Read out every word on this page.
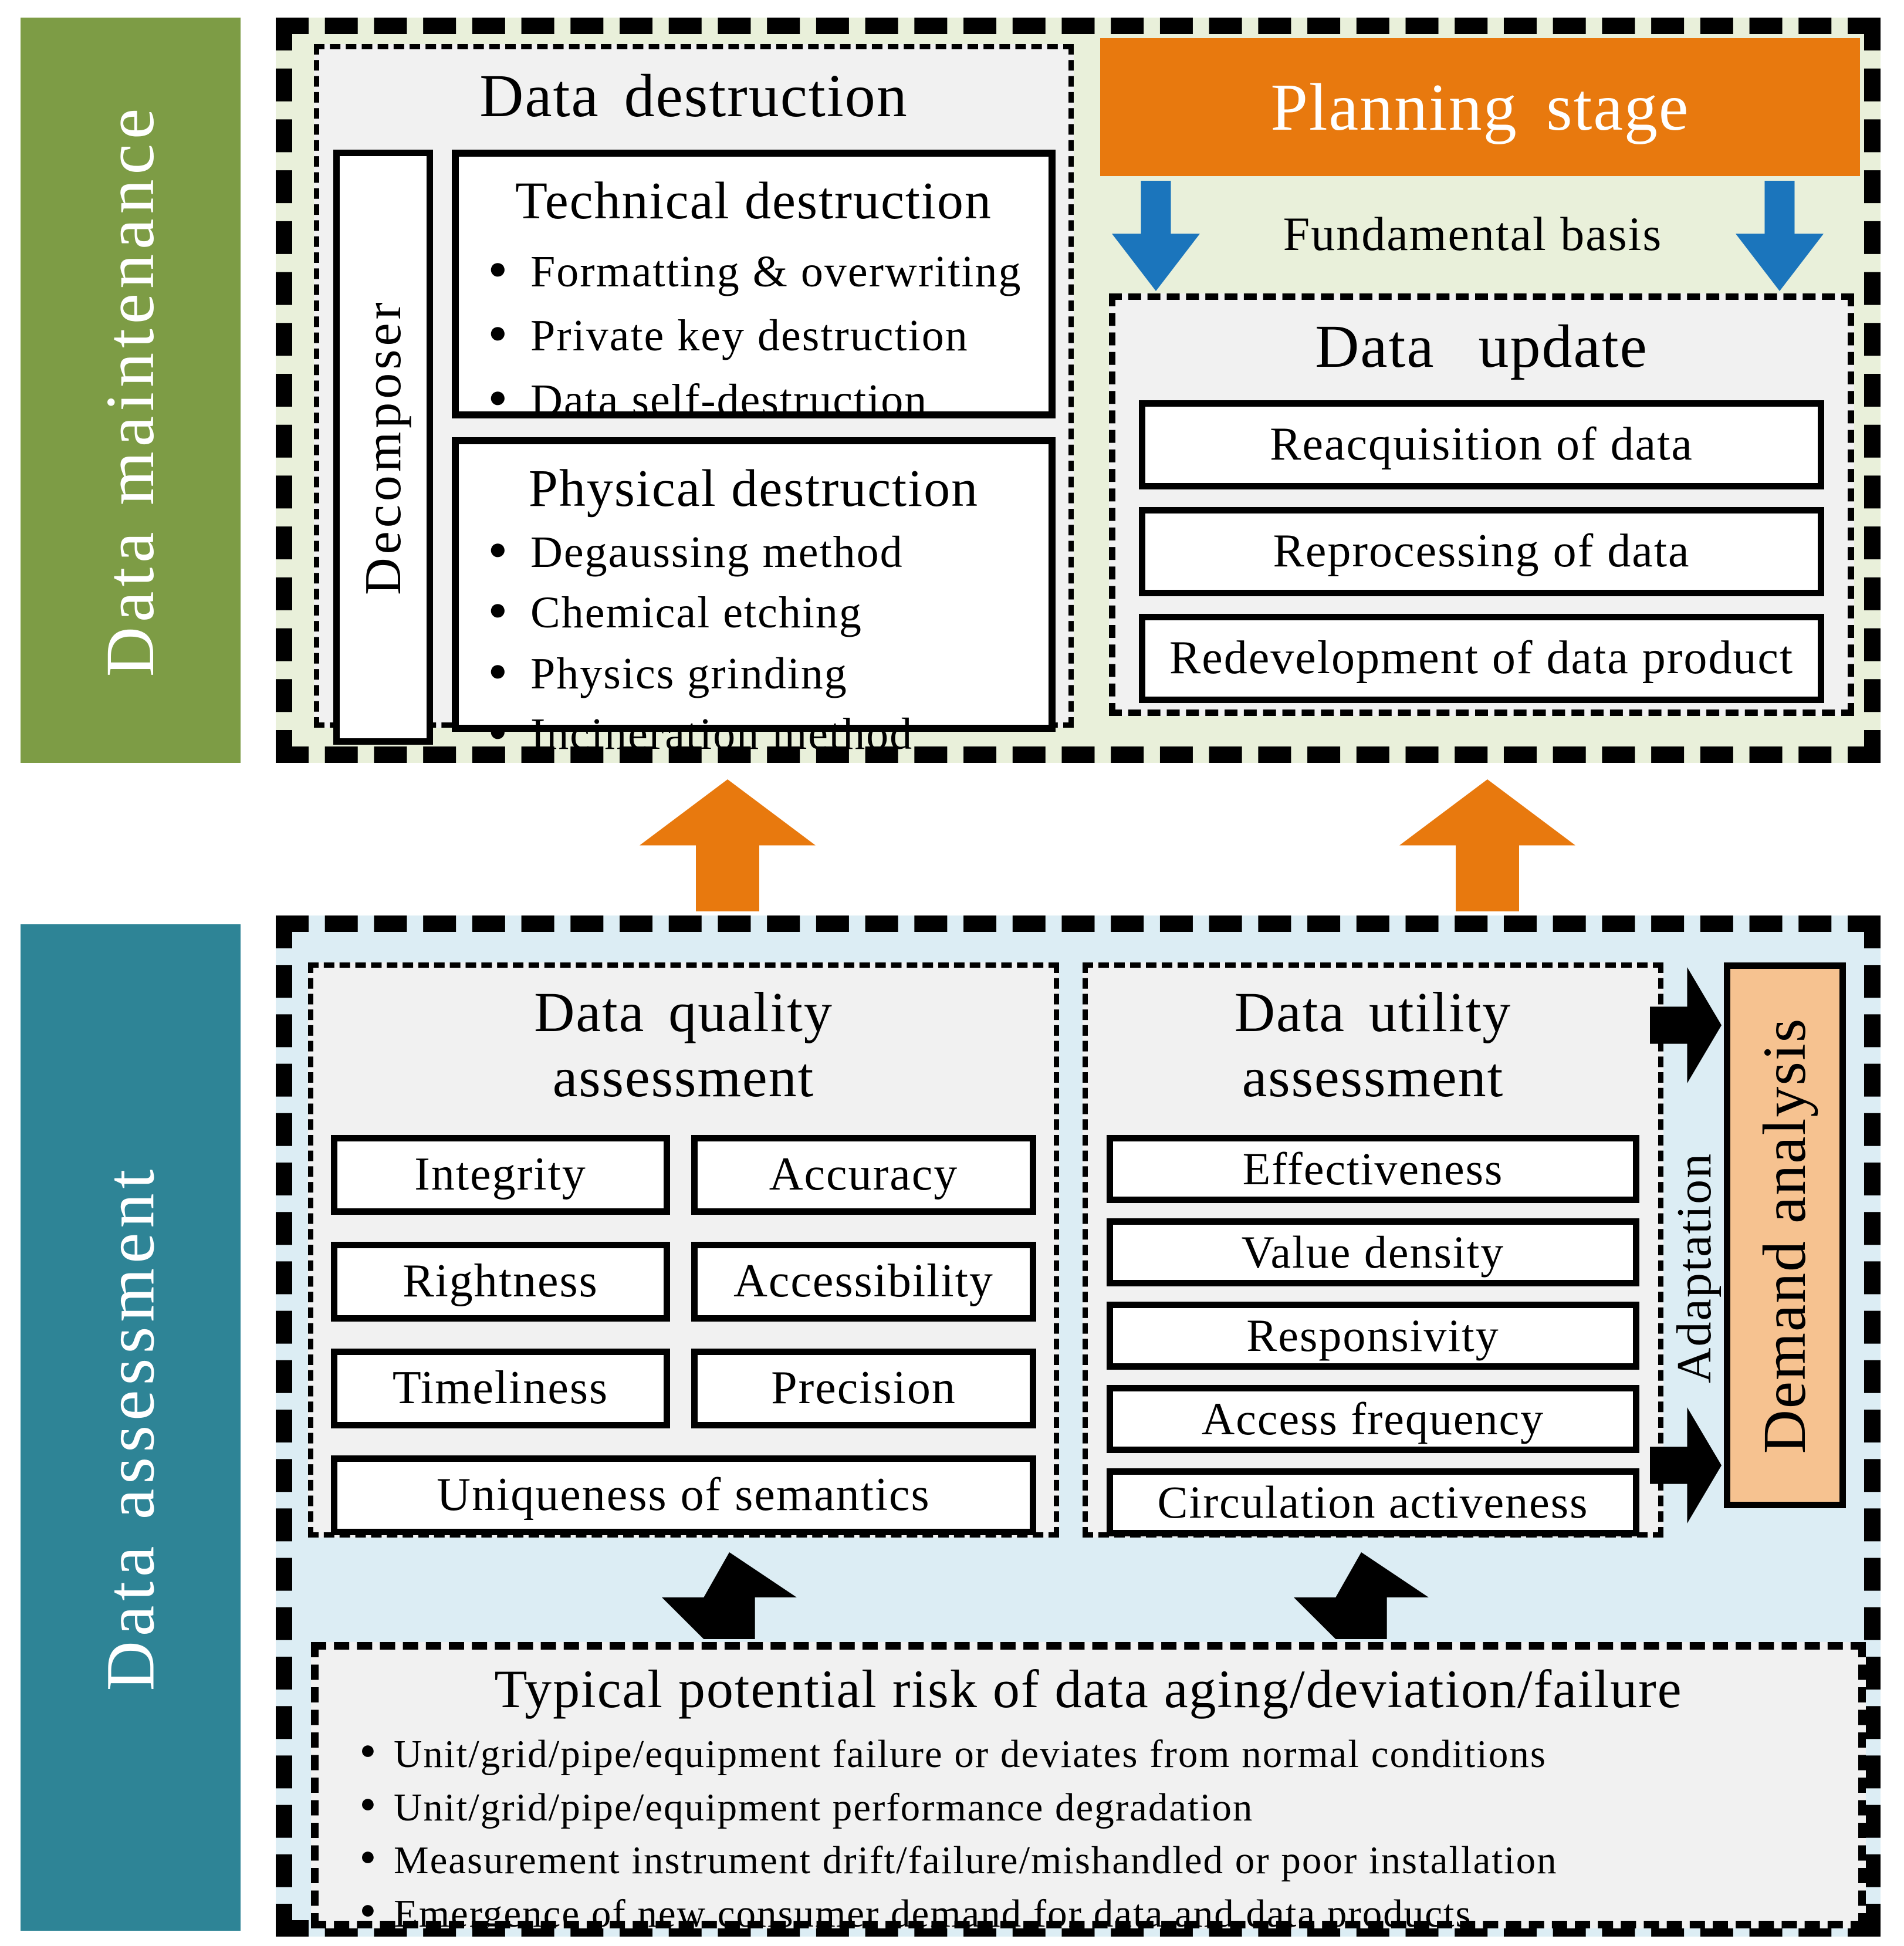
Data maintenance
Data destruction
Decomposer
Technical destruction
● Formatting & overwriting
● Private key destruction
● Data self-destruction
Physical destruction
● Degaussing method
● Chemical etching
● Physics grinding
● Incineration method
Planning stage
Fundamental basis
Data update
Reacquisition of data
Reprocessing of data
Redevelopment of data product
Data assessment
Data quality
assessment
Integrity	Accuracy
Rightness	Accessibility
Timeliness	Precision
Uniqueness of semantics
Data utility
assessment
Effectiveness
Value density
Responsivity
Access frequency
Circulation activeness
Adaptation Demand analysis
Typical potential risk of data aging/deviation/failure
● Unit/grid/pipe/equipment failure or deviates from normal conditions
● Unit/grid/pipe/equipment performance degradation
● Measurement instrument drift/failure/mishandled or poor installation
● Emergence of new consumer demand for data and data products
